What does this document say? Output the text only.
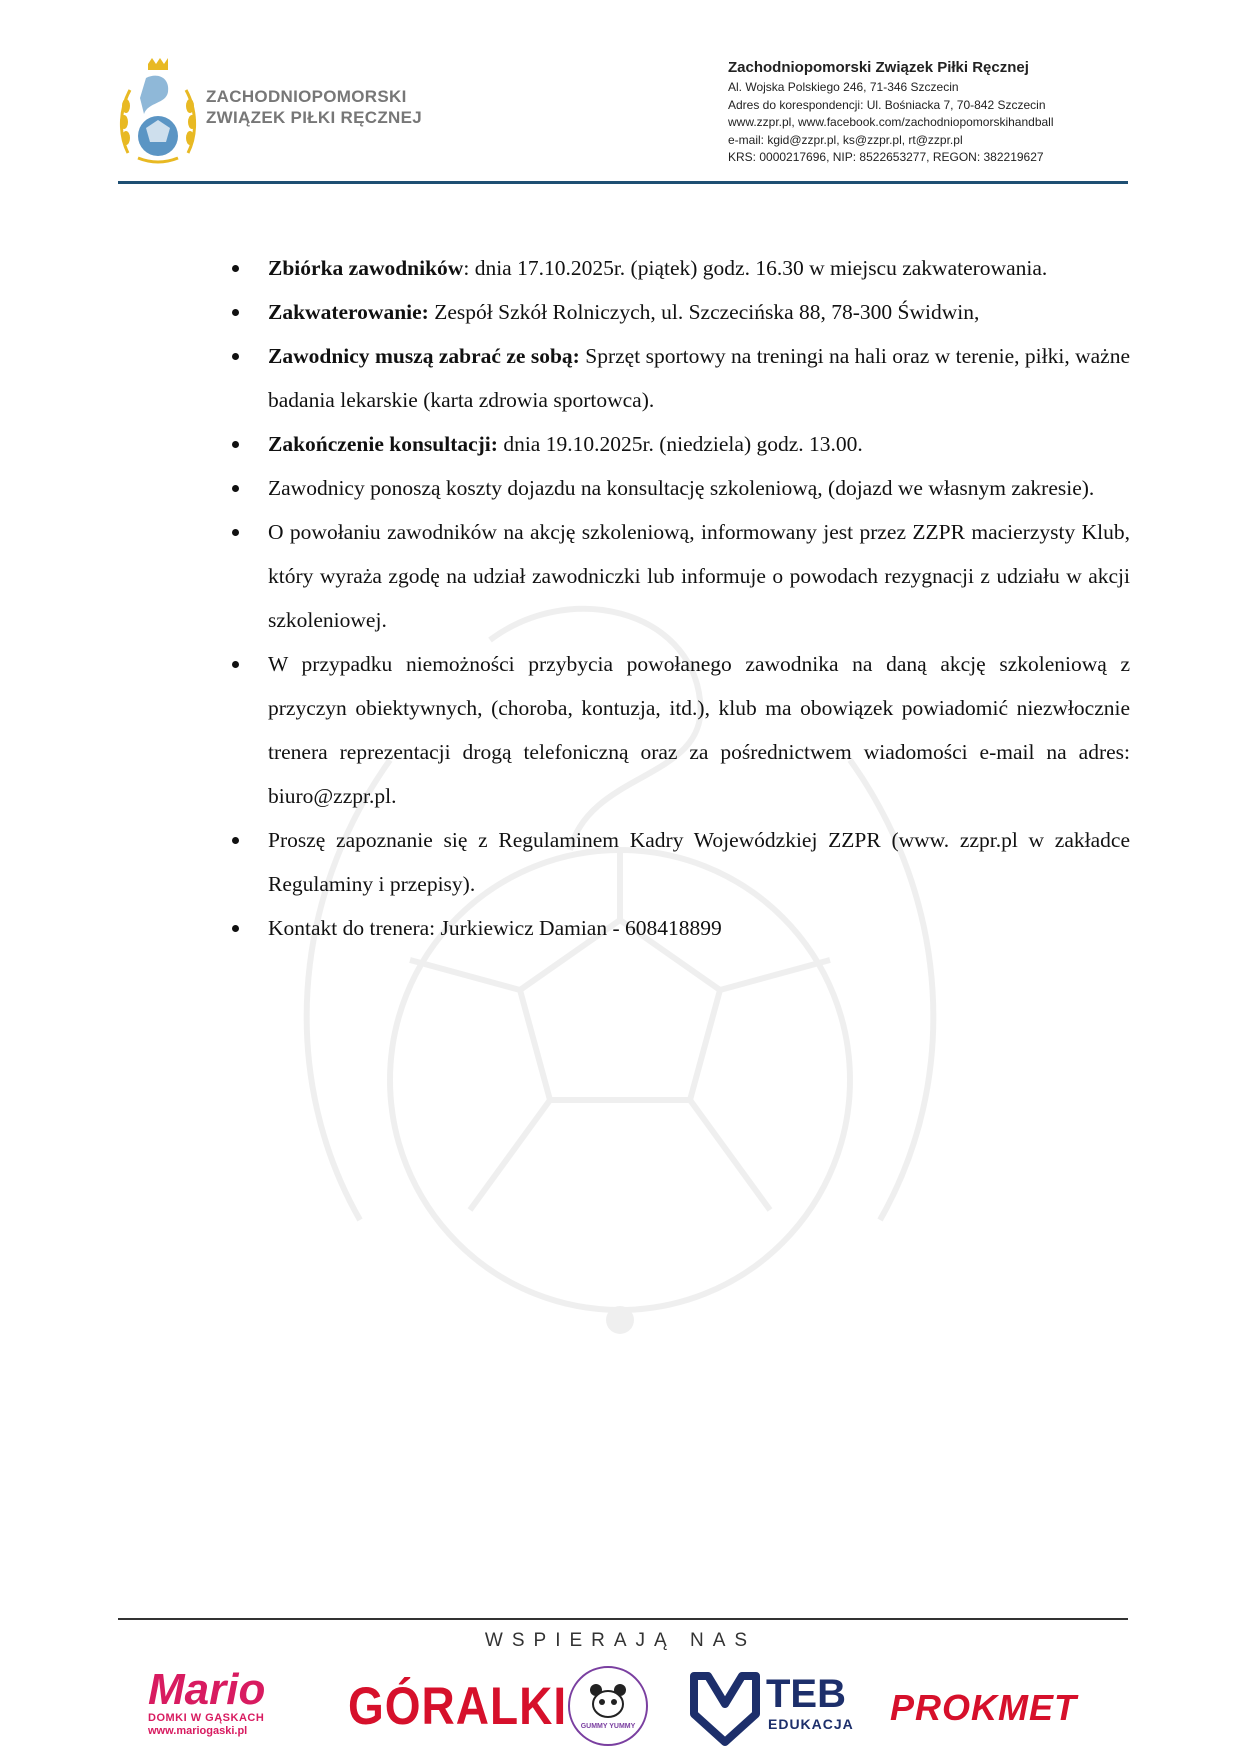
ZACHODNIOPOMORSKI
ZWIĄZEK PIŁKI RĘCZNEJ
Zachodniopomorski Związek Piłki Ręcznej
Al. Wojska Polskiego 246, 71-346 Szczecin
Adres do korespondencji: Ul. Bośniacka 7, 70-842 Szczecin
www.zzpr.pl, www.facebook.com/zachodniopomorskihandball
e-mail: kgid@zzpr.pl, ks@zzpr.pl, rt@zzpr.pl
KRS: 0000217696, NIP: 8522653277, REGON: 382219627
Zbiórka zawodników: dnia 17.10.2025r. (piątek) godz. 16.30 w miejscu zakwaterowania.
Zakwaterowanie: Zespół Szkół Rolniczych, ul. Szczecińska 88, 78-300 Świdwin,
Zawodnicy muszą zabrać ze sobą: Sprzęt sportowy na treningi na hali oraz w terenie, piłki, ważne badania lekarskie (karta zdrowia sportowca).
Zakończenie konsultacji: dnia 19.10.2025r. (niedziela) godz. 13.00.
Zawodnicy ponoszą koszty dojazdu na konsultację szkoleniową, (dojazd we własnym zakresie).
O powołaniu zawodników na akcję szkoleniową, informowany jest przez ZZPR macierzysty Klub, który wyraża zgodę na udział zawodniczki lub informuje o powodach rezygnacji z udziału w akcji szkoleniowej.
W przypadku niemożności przybycia powołanego zawodnika na daną akcję szkoleniową z przyczyn obiektywnych, (choroba, kontuzja, itd.), klub ma obowiązek powiadomić niezwłocznie trenera reprezentacji drogą telefoniczną oraz za pośrednictwem wiadomości e-mail na adres: biuro@zzpr.pl.
Proszę zapoznanie się z Regulaminem Kadry Wojewódzkiej ZZPR (www. zzpr.pl w zakładce Regulaminy i przepisy).
Kontakt do trenera: Jurkiewicz Damian - 608418899
WSPIERAJĄ NAS
Mario
DOMKI W GĄSKACH
www.mariogaski.pl	GÓRALKI GUMMY YUMMY
TEB
EDUKACJA PROKMET
